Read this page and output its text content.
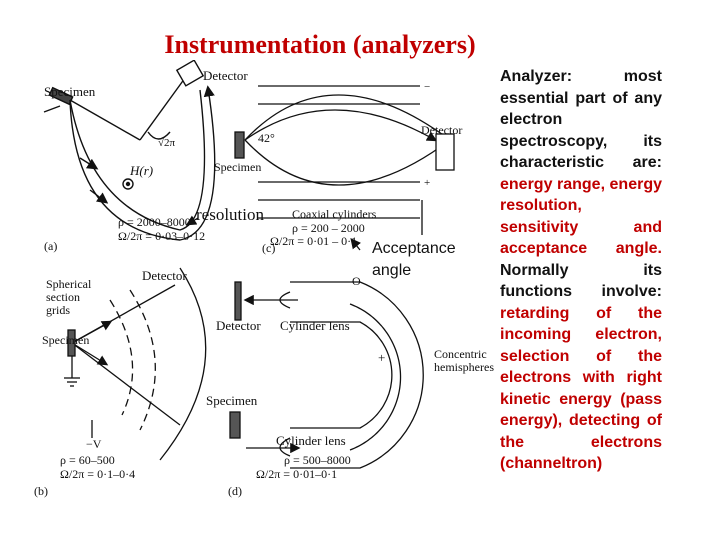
Instrumentation (analyzers)
Detector
Specimen
√2π
H(r)
ρ = 2000–8000
Ω/2π = 0·03–0·12
(a)
−
+
42°
Specimen
Detector
Coaxial cylinders
ρ = 200 – 2000
Ω/2π = 0·01 – 0·1
(c)
Spherical
section
grids
Detector
Specimen
−V
ρ = 60–500
Ω/2π = 0·1–0·4
(b)
O
Detector Cylinder lens
+	Concentric
hemispheres
Specimen
Cylinder lens
ρ = 500–8000
Ω/2π = 0·01–0·1
(d)
resolution
Acceptance
angle
Analyzer: most essential part of any electron spectroscopy, its characteristic are: energy range, energy resolution, sensitivity and acceptance angle. Normally its functions involve: retarding of the incoming electron, selection of the electrons with right kinetic energy (pass energy), detecting of the electrons (channeltron)
